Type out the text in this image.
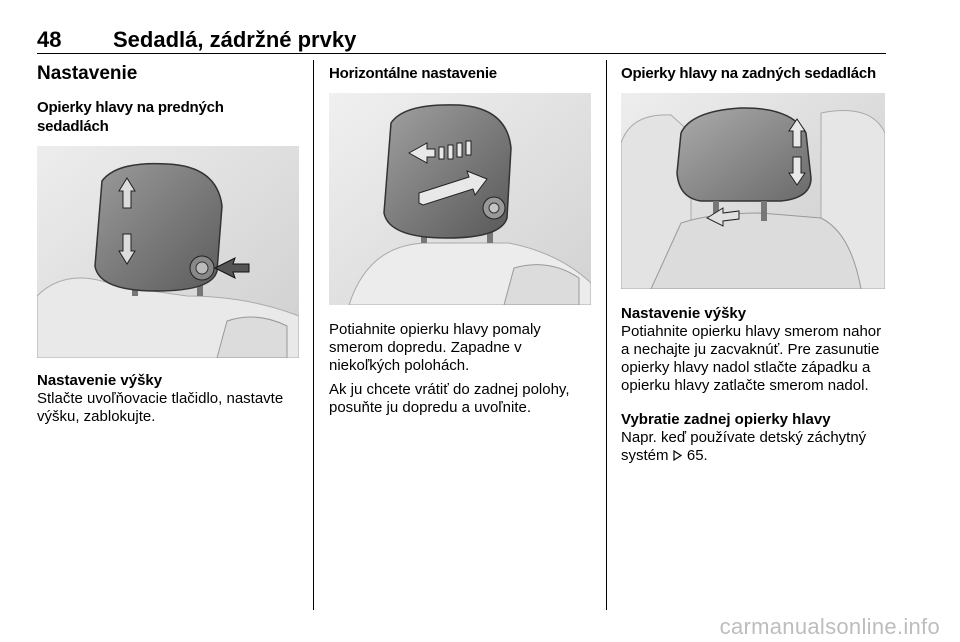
48 Sedadlá, zádržné prvky
Nastavenie
Opierky hlavy na predných sedadlách
Nastavenie výšky
Stlačte uvoľňovacie tlačidlo, nastavte výšku, zablokujte.
Horizontálne nastavenie
Potiahnite opierku hlavy pomaly smerom dopredu. Zapadne v niekoľkých polohách.
Ak ju chcete vrátiť do zadnej polohy, posuňte ju dopredu a uvoľnite.
Opierky hlavy na zadných sedadlách
Nastavenie výšky
Potiahnite opierku hlavy smerom nahor a nechajte ju zacvaknúť. Pre zasunutie opierky hlavy nadol stlačte západku a opierku hlavy zatlačte smerom nadol.
Vybratie zadnej opierky hlavy
Napr. keď používate detský záchytný systém  65.
carmanualsonline.info
